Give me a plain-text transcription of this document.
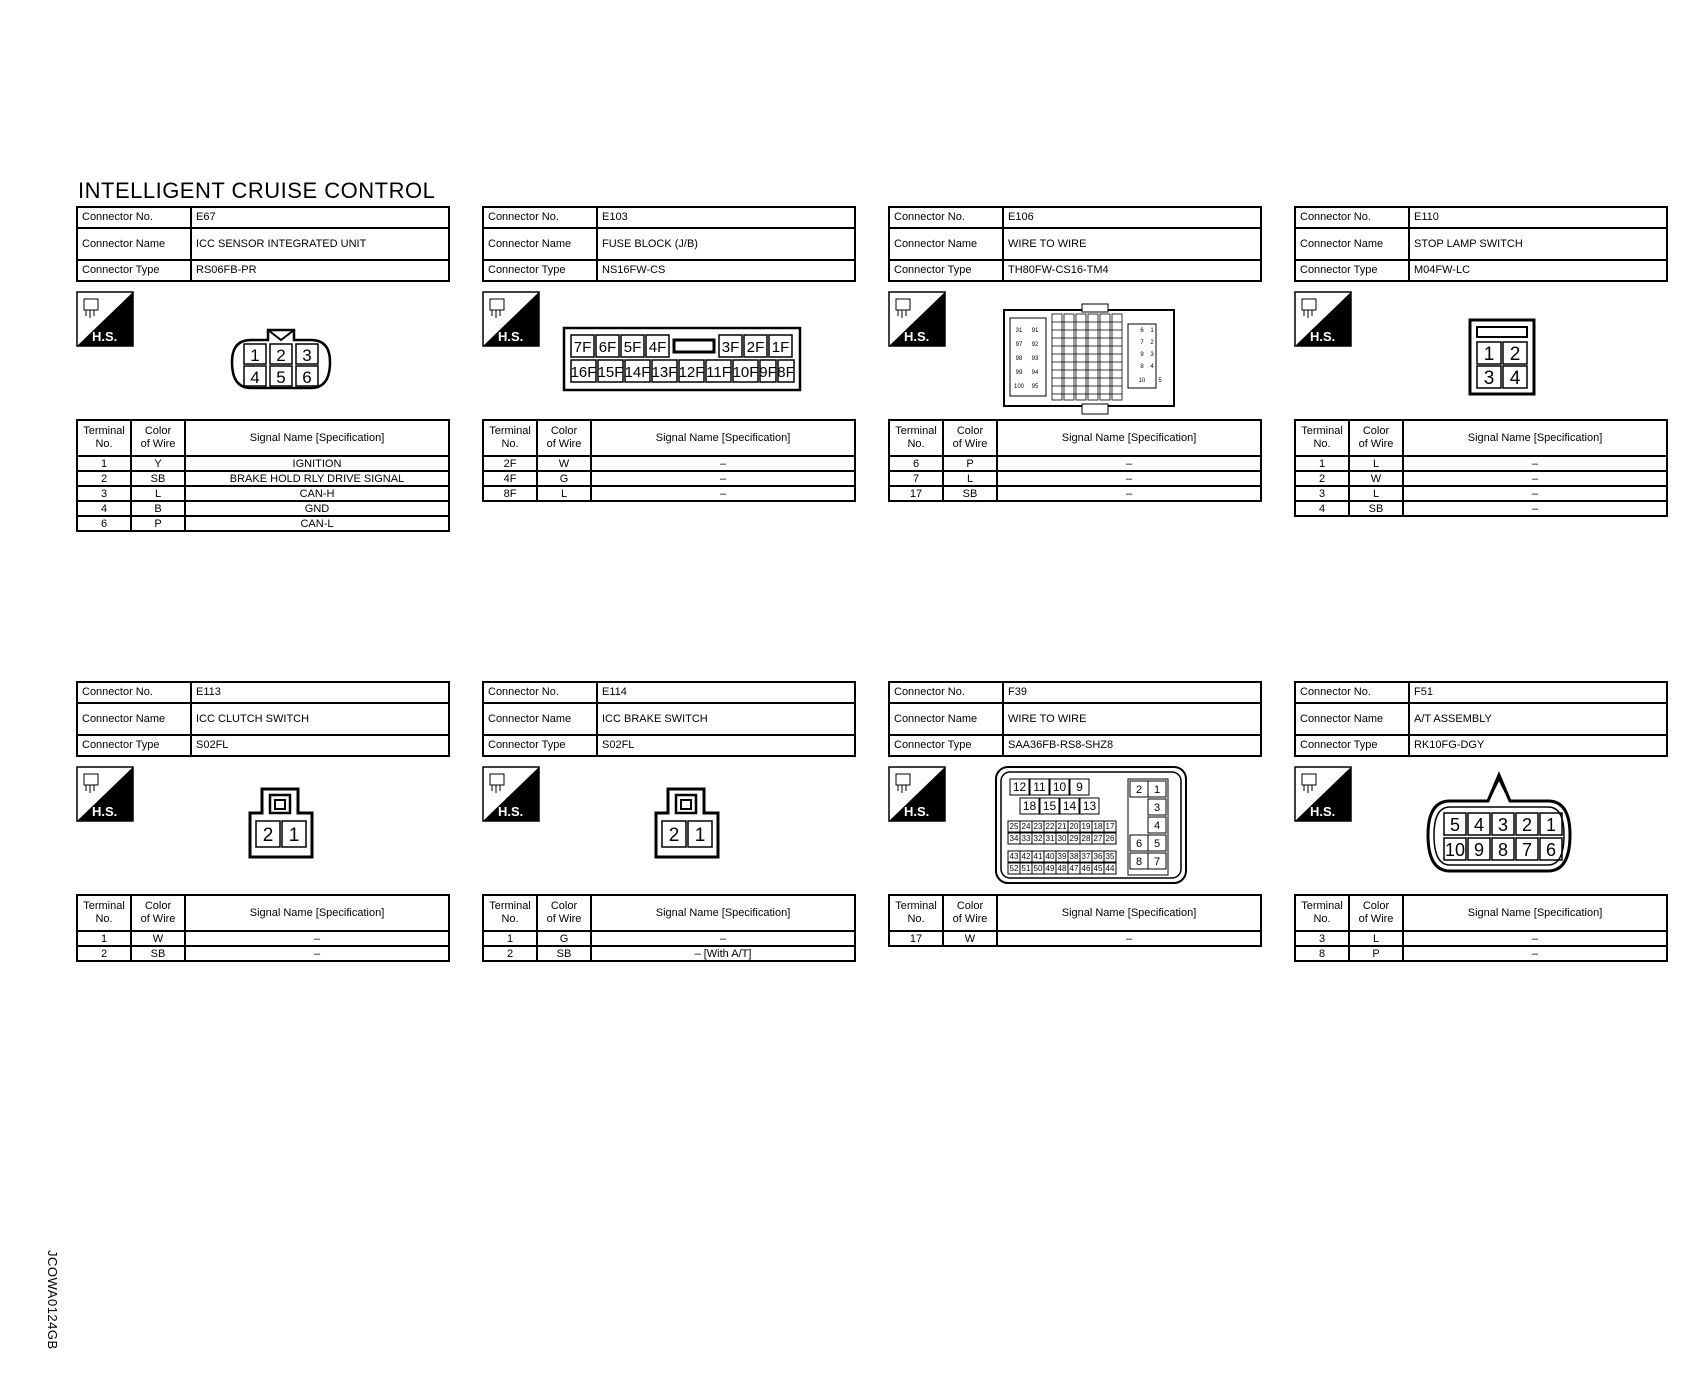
INTELLIGENT CRUISE CONTROL
Connector No.	E67
Connector Name	ICC SENSOR INTEGRATED UNIT
Connector Type	RS06FB-PR
H.S.
1 2 3
4 5 6
Terminal
No.	Color
of Wire	Signal Name [Specification]
1	Y	IGNITION
2	SB	BRAKE HOLD RLY DRIVE SIGNAL
3	L	CAN-H
4	B	GND
6	P	CAN-L
Connector No.	E103
Connector Name	FUSE BLOCK (J/B)
Connector Type	NS16FW-CS
H.S.
7F 6F 5F 4F	3F 2F 1F
16F 15F 14F 13F 12F 11F 10F 9F 8F
Terminal
No.	Color
of Wire	Signal Name [Specification]
2F	W	–
4F	G	–
8F	L	–
Connector No.	E106
Connector Name	WIRE TO WIRE
Connector Type	TH80FW-CS16-TM4
H.S.	6 1
7 2
9 3
8 4
10 5
31 91
97 92
98 93
99 94
100 95
Terminal
No.	Color
of Wire	Signal Name [Specification]
6	P	–
7	L	–
17	SB	–
Connector No.	E110
Connector Name	STOP LAMP SWITCH
Connector Type	M04FW-LC
H.S.
1 2
3 4
Terminal
No.	Color
of Wire	Signal Name [Specification]
1	L	–
2	W	–
3	L	–
4	SB	–
Connector No.	E113
Connector Name	ICC CLUTCH SWITCH
Connector Type	S02FL
H.S.
2 1
Terminal
No.	Color
of Wire	Signal Name [Specification]
1	W	–
2	SB	–
Connector No.	E114
Connector Name	ICC BRAKE SWITCH
Connector Type	S02FL
H.S.
2 1
Terminal
No.	Color
of Wire	Signal Name [Specification]
1	G	–
2	SB	– [With A/T]
Connector No.	F39
Connector Name	WIRE TO WIRE
Connector Type	SAA36FB-RS8-SHZ8
H.S.
12 11 10 9
18 15 14 13
25 24 23 22 21 20 19 18 17
34 33 32 31 30 29 28 27 26
43 42 41 40 39 38 37 36 35
52 51 50 49 48 47 46 45 44
2 1
3
4
6 5
8 7
Terminal
No.	Color
of Wire	Signal Name [Specification]
17	W	–
Connector No.	F51
Connector Name	A/T ASSEMBLY
Connector Type	RK10FG-DGY
H.S.
5 4 3 2 1
10 9 8 7 6
Terminal
No.	Color
of Wire	Signal Name [Specification]
3	L	–
8	P	–
JCOWA0124GB
